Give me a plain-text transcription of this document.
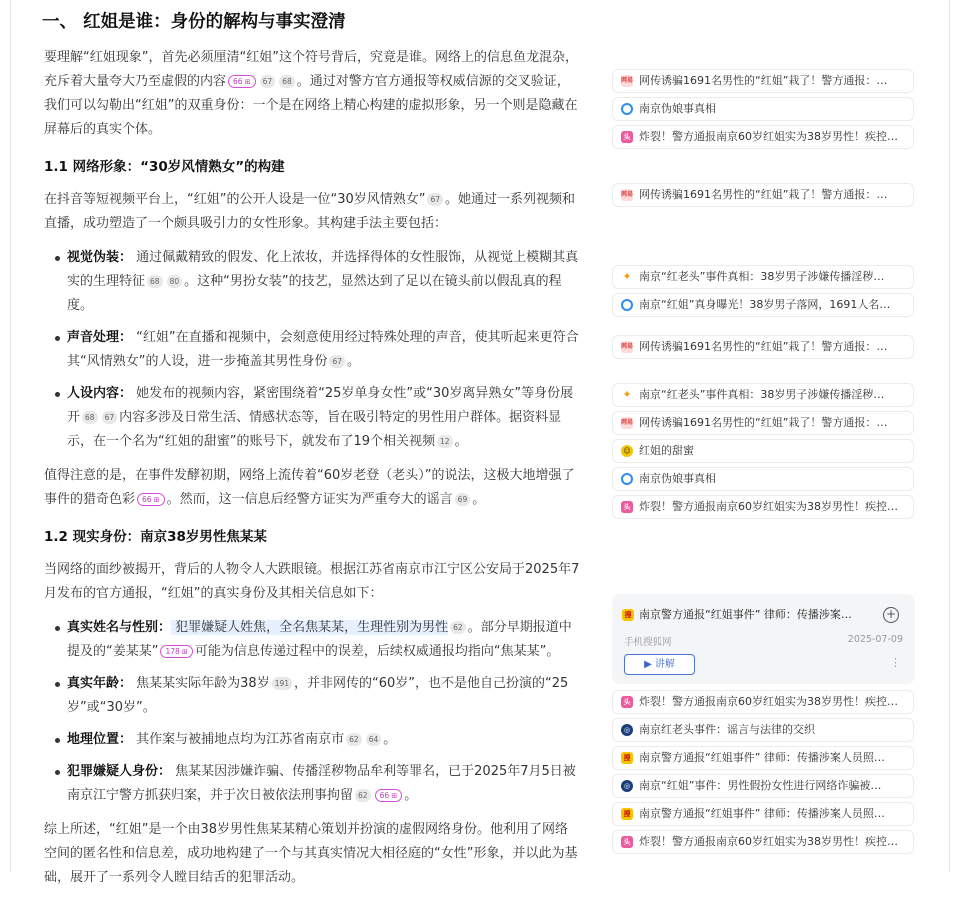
一、 红姐是谁：身份的解构与事实澄清
要理解“红姐现象”，首先必须厘清“红姐”这个符号背后，究竟是谁。网络上的信息鱼龙混杂，充斥着大量夸大乃至虚假的内容 66 ⊞	67 68 。通过对警方官方通报等权威信源的交叉验证，我们可以勾勒出“红姐”的双重身份：一个是在网络上精心构建的虚拟形象，另一个则是隐藏在屏幕后的真实个体。
1.1 网络形象：“30岁风情熟女”的构建
在抖音等短视频平台上，“红姐”的公开人设是一位“30岁风情熟女” 67 。她通过一系列视频和直播，成功塑造了一个颇具吸引力的女性形象。其构建手法主要包括：
视觉伪装： 通过佩戴精致的假发、化上浓妆，并选择得体的女性服饰，从视觉上模糊其真实的生理特征 68 80 。这种“男扮女装”的技艺，显然达到了足以在镜头前以假乱真的程度。
声音处理： “红姐”在直播和视频中，会刻意使用经过特殊处理的声音，使其听起来更符合其“风情熟女”的人设，进一步掩盖其男性身份 67 。
人设内容： 她发布的视频内容，紧密围绕着“25岁单身女性”或“30岁离异熟女”等身份展开 68 67 内容多涉及日常生活、情感状态等，旨在吸引特定的男性用户群体。据资料显示，在一个名为“红姐的甜蜜”的账号下，就发布了19个相关视频 12 。
值得注意的是，在事件发酵初期，网络上流传着“60岁老登（老头）”的说法，这极大地增强了事件的猎奇色彩 66 ⊞ 。然而，这一信息后经警方证实为严重夸大的谣言 69 。
1.2 现实身份：南京38岁男性焦某某
当网络的面纱被揭开，背后的人物令人大跌眼镜。根据江苏省南京市江宁区公安局于2025年7月发布的官方通报，“红姐”的真实身份及其相关信息如下：
真实姓名与性别： 犯罪嫌疑人姓焦，全名焦某某，生理性别为男性 62 。部分早期报道中提及的“姜某某” 178 ⊞ 可能为信息传递过程中的误差，后续权威通报均指向“焦某某”。
真实年龄： 焦某某实际年龄为38岁 191 ，并非网传的“60岁”，也不是他自己扮演的“25岁”或“30岁”。
地理位置： 其作案与被捕地点均为江苏省南京市 62 64 。
犯罪嫌疑人身份： 焦某某因涉嫌诈骗、传播淫秽物品牟利等罪名，已于2025年7月5日被南京江宁警方抓获归案，并于次日被依法刑事拘留 62 66 ⊞ 。
综上所述，“红姐”是一个由38岁男性焦某某精心策划并扮演的虚假网络身份。他利用了网络空间的匿名性和信息差，成功地构建了一个与其真实情况大相径庭的“女性”形象，并以此为基础，展开了一系列令人瞠目结舌的犯罪活动。
网易 网传诱骗1691名男性的“红姐”栽了！警方通报：…
南京伪娘事真相
头 炸裂！警方通报南京60岁红姐实为38岁男性！疾控…
网易 网传诱骗1691名男性的“红姐”栽了！警方通报：…
✦ 南京“红老头”事件真相：38岁男子涉嫌传播淫秽…
南京“红姐”真身曝光！38岁男子落网，1691人名…
网易 网传诱骗1691名男性的“红姐”栽了！警方通报：…
✦ 南京“红老头”事件真相：38岁男子涉嫌传播淫秽…
网易 网传诱骗1691名男性的“红姐”栽了！警方通报：…
☺ 红姐的甜蜜
南京伪娘事真相
头 炸裂！警方通报南京60岁红姐实为38岁男性！疾控…
搜 南京警方通报“红姐事件” 律师：传播涉案…	+
手机搜狐网	2025-07-09
▶ 讲解	⋮
头 炸裂！警方通报南京60岁红姐实为38岁男性！疾控…
◎ 南京红老头事件：谣言与法律的交织
搜 南京警方通报“红姐事件” 律师：传播涉案人员照…
◎ 南京“红姐”事件：男性假扮女性进行网络诈骗被…
搜 南京警方通报“红姐事件” 律师：传播涉案人员照…
头 炸裂！警方通报南京60岁红姐实为38岁男性！疾控…
